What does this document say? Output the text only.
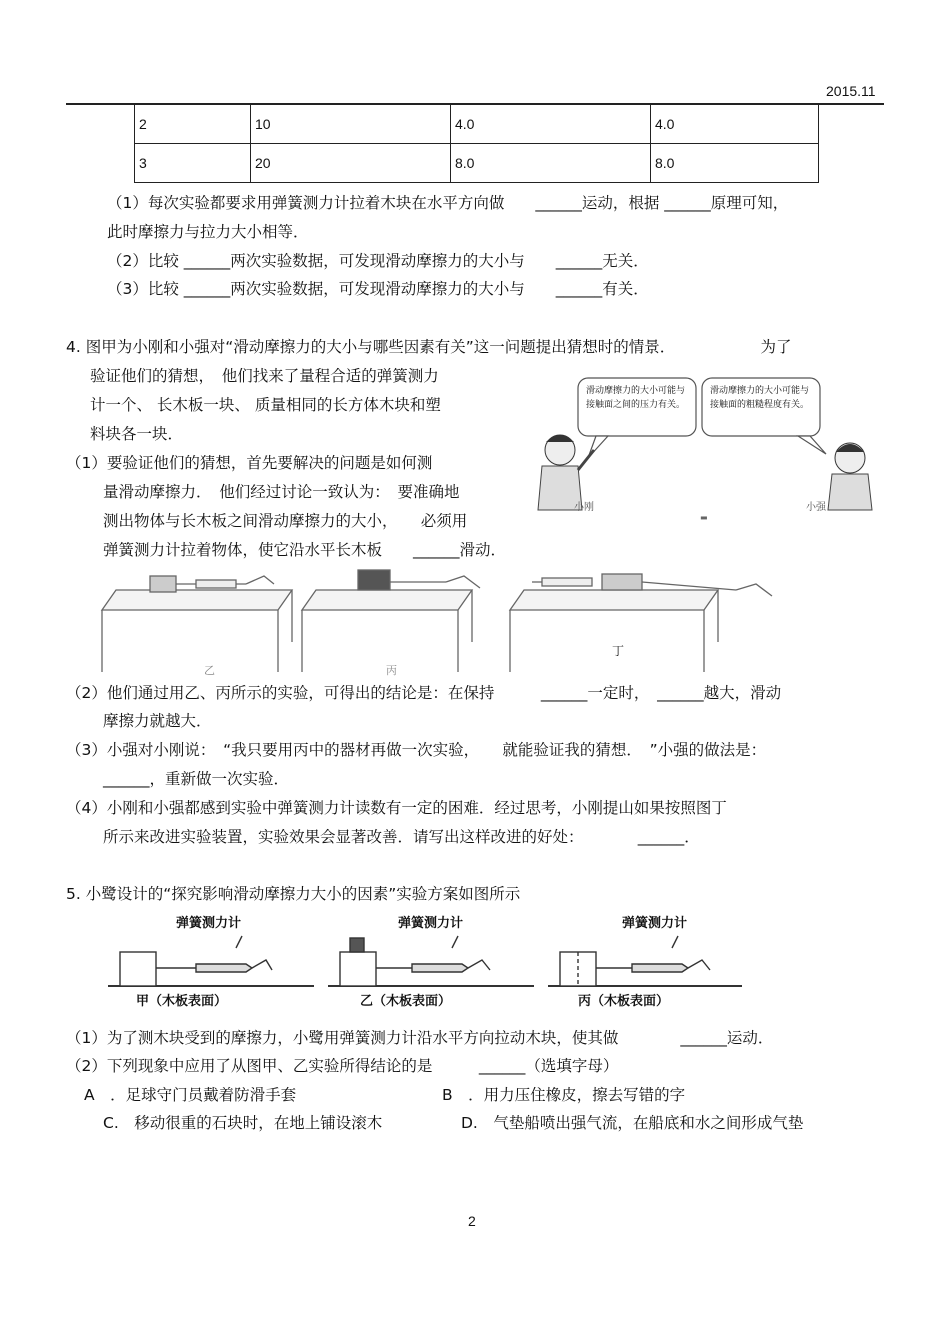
2015.11
2	10	4.0	4.0
3	20	8.0	8.0
（1）每次实验都要求用弹簧测力计拉着木块在水平方向做　　______运动，根据 ______原理可知，
此时摩擦力与拉力大小相等．
（2）比较 ______两次实验数据，可发现滑动摩擦力的大小与　　______无关．
（3）比较 ______两次实验数据，可发现滑动摩擦力的大小与　　______有关．
4. 图甲为小刚和小强对“滑动摩擦力的大小与哪些因素有关”这一问题提出猜想时的情景．　　　　　　为了
验证他们的猜想，　他们找来了量程合适的弹簧测力
计一个、 长木板一块、 质量相同的长方体木块和塑
料块各一块．
▬
滑动摩擦力的大小可能与接触面之间的压力有关。
滑动摩擦力的大小可能与接触面的粗糙程度有关。
小刚	小强
（1）要验证他们的猜想，首先要解决的问题是如何测
量滑动摩擦力．　他们经过讨论一致认为：　要准确地
测出物体与长木板之间滑动摩擦力的大小，　　必须用
弹簧测力计拉着物体，使它沿水平长木板　　______滑动．
乙	丙
丁
（2）他们通过用乙、丙所示的实验，可得出的结论是：在保持　　　______一定时，　______越大，滑动
摩擦力就越大．
（3）小强对小刚说：　“我只要用丙中的器材再做一次实验，　　就能验证我的猜想．　”小强的做法是：
______，重新做一次实验．
（4）小刚和小强都感到实验中弹簧测力计读数有一定的困难．经过思考，小刚提山如果按照图丁
所示来改进实验装置，实验效果会显著改善．请写出这样改进的好处：　　　　______．
5. 小鹭设计的“探究影响滑动摩擦力大小的因素”实验方案如图所示
弹簧测力计	弹簧测力计	弹簧测力计
甲（木板表面）	乙（木板表面）	丙（木板表面）
（1）为了测木块受到的摩擦力，小鹭用弹簧测力计沿水平方向拉动木块，使其做　　　　______运动．
（2）下列现象中应用了从图甲、乙实验所得结论的是　　　______（选填字母）
A　．足球守门员戴着防滑手套	B　．用力压住橡皮，擦去写错的字
C.　移动很重的石块时，在地上铺设滚木	D.　气垫船喷出强气流，在船底和水之间形成气垫
2
